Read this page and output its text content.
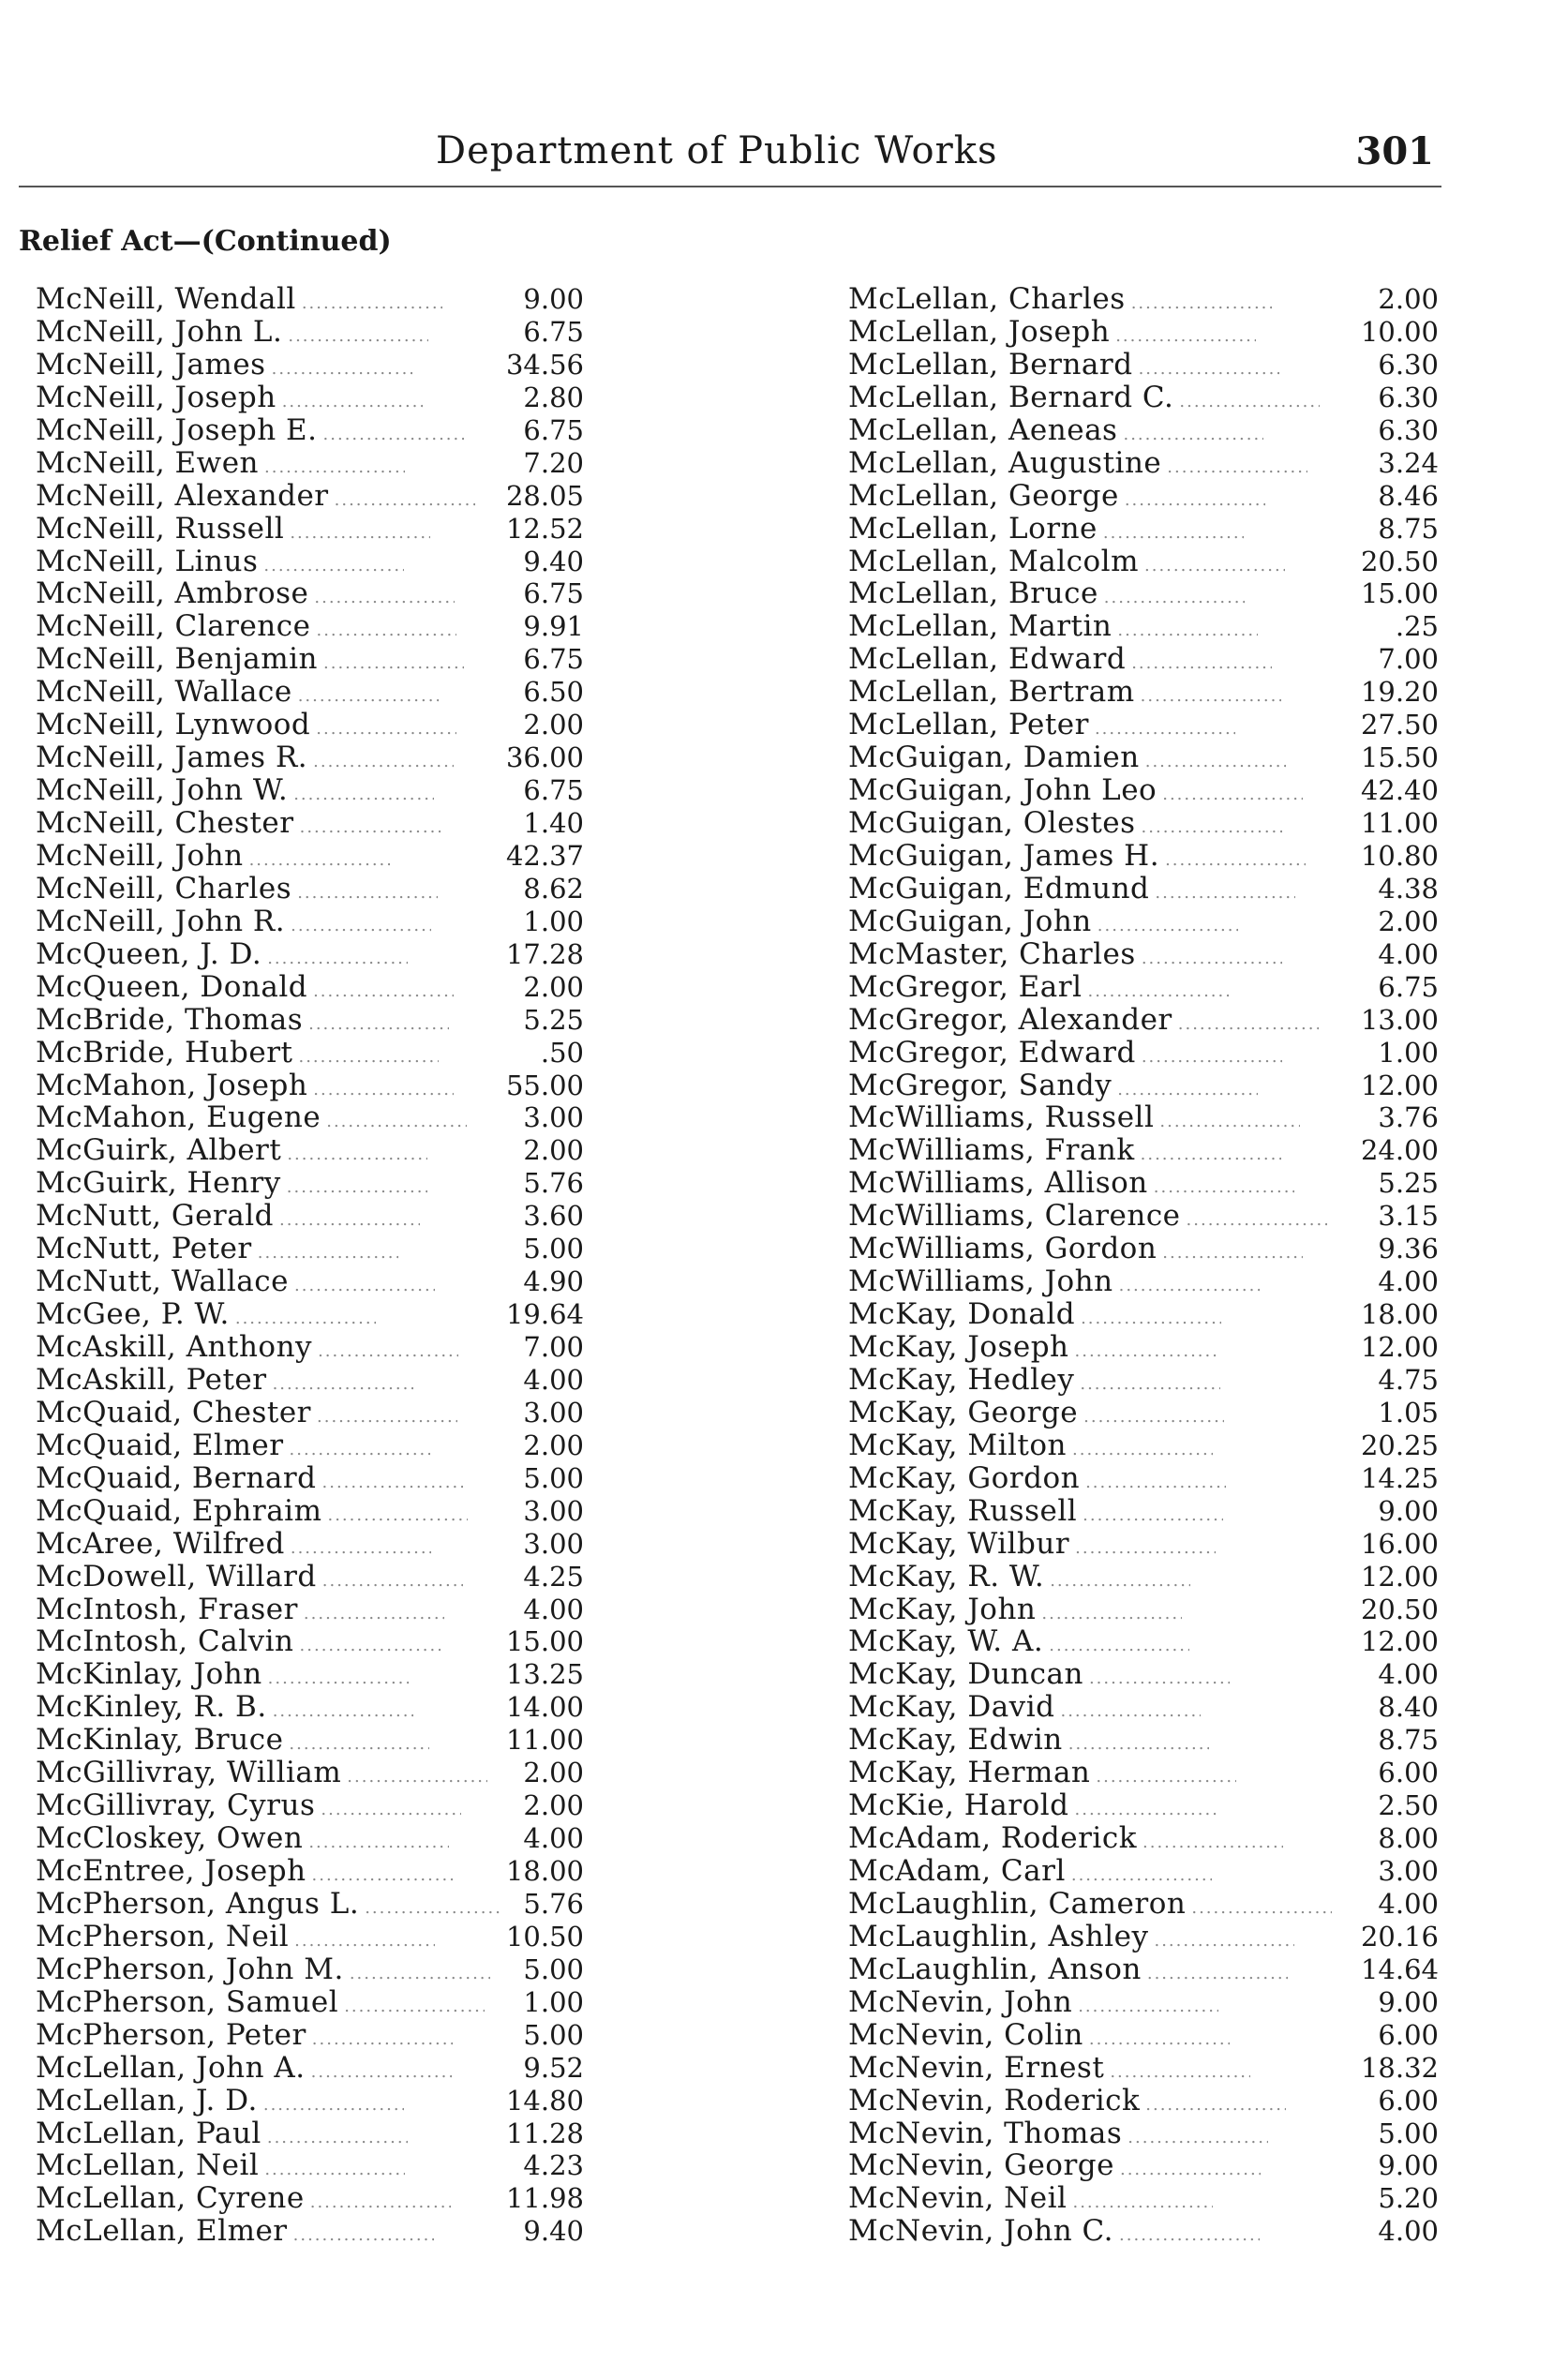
Department of Public Works	301
Relief Act—(Continued)
McNeill, Wendall .....	9.00
McNeill, John L. .....	6.75
McNeill, James .....	34.56
McNeill, Joseph .....	2.80
McNeill, Joseph E. .....	6.75
McNeill, Ewen .....	7.20
McNeill, Alexander .....	28.05
McNeill, Russell .....	12.52
McNeill, Linus .....	9.40
McNeill, Ambrose .....	6.75
McNeill, Clarence .....	9.91
McNeill, Benjamin .....	6.75
McNeill, Wallace .....	6.50
McNeill, Lynwood .....	2.00
McNeill, James R. .....	36.00
McNeill, John W. .....	6.75
McNeill, Chester .....	1.40
McNeill, John .....	42.37
McNeill, Charles .....	8.62
McNeill, John R. .....	1.00
McQueen, J. D. .....	17.28
McQueen, Donald .....	2.00
McBride, Thomas .....	5.25
McBride, Hubert .....	.50
McMahon, Joseph .....	55.00
McMahon, Eugene .....	3.00
McGuirk, Albert .....	2.00
McGuirk, Henry .....	5.76
McNutt, Gerald .....	3.60
McNutt, Peter .....	5.00
McNutt, Wallace .....	4.90
McGee, P. W. .....	19.64
McAskill, Anthony .....	7.00
McAskill, Peter .....	4.00
McQuaid, Chester .....	3.00
McQuaid, Elmer .....	2.00
McQuaid, Bernard .....	5.00
McQuaid, Ephraim .....	3.00
McAree, Wilfred .....	3.00
McDowell, Willard .....	4.25
McIntosh, Fraser .....	4.00
McIntosh, Calvin .....	15.00
McKinlay, John .....	13.25
McKinley, R. B. .....	14.00
McKinlay, Bruce .....	11.00
McGillivray, William .....	2.00
McGillivray, Cyrus .....	2.00
McCloskey, Owen .....	4.00
McEntree, Joseph .....	18.00
McPherson, Angus L. .....	5.76
McPherson, Neil .....	10.50
McPherson, John M. .....	5.00
McPherson, Samuel .....	1.00
McPherson, Peter .....	5.00
McLellan, John A. .....	9.52
McLellan, J. D. .....	14.80
McLellan, Paul .....	11.28
McLellan, Neil .....	4.23
McLellan, Cyrene .....	11.98
McLellan, Elmer .....	9.40
McLellan, Charles .....	2.00
McLellan, Joseph .....	10.00
McLellan, Bernard .....	6.30
McLellan, Bernard C. .....	6.30
McLellan, Aeneas .....	6.30
McLellan, Augustine .....	3.24
McLellan, George .....	8.46
McLellan, Lorne .....	8.75
McLellan, Malcolm .....	20.50
McLellan, Bruce .....	15.00
McLellan, Martin .....	.25
McLellan, Edward .....	7.00
McLellan, Bertram .....	19.20
McLellan, Peter .....	27.50
McGuigan, Damien .....	15.50
McGuigan, John Leo .....	42.40
McGuigan, Olestes .....	11.00
McGuigan, James H. .....	10.80
McGuigan, Edmund .....	4.38
McGuigan, John .....	2.00
McMaster, Charles .....	4.00
McGregor, Earl .....	6.75
McGregor, Alexander .....	13.00
McGregor, Edward .....	1.00
McGregor, Sandy .....	12.00
McWilliams, Russell .....	3.76
McWilliams, Frank .....	24.00
McWilliams, Allison .....	5.25
McWilliams, Clarence .....	3.15
McWilliams, Gordon .....	9.36
McWilliams, John .....	4.00
McKay, Donald .....	18.00
McKay, Joseph .....	12.00
McKay, Hedley .....	4.75
McKay, George .....	1.05
McKay, Milton .....	20.25
McKay, Gordon .....	14.25
McKay, Russell .....	9.00
McKay, Wilbur .....	16.00
McKay, R. W. .....	12.00
McKay, John .....	20.50
McKay, W. A. .....	12.00
McKay, Duncan .....	4.00
McKay, David .....	8.40
McKay, Edwin .....	8.75
McKay, Herman .....	6.00
McKie, Harold .....	2.50
McAdam, Roderick .....	8.00
McAdam, Carl .....	3.00
McLaughlin, Cameron .....	4.00
McLaughlin, Ashley .....	20.16
McLaughlin, Anson .....	14.64
McNevin, John .....	9.00
McNevin, Colin .....	6.00
McNevin, Ernest .....	18.32
McNevin, Roderick .....	6.00
McNevin, Thomas .....	5.00
McNevin, George .....	9.00
McNevin, Neil .....	5.20
McNevin, John C. .....	4.00
